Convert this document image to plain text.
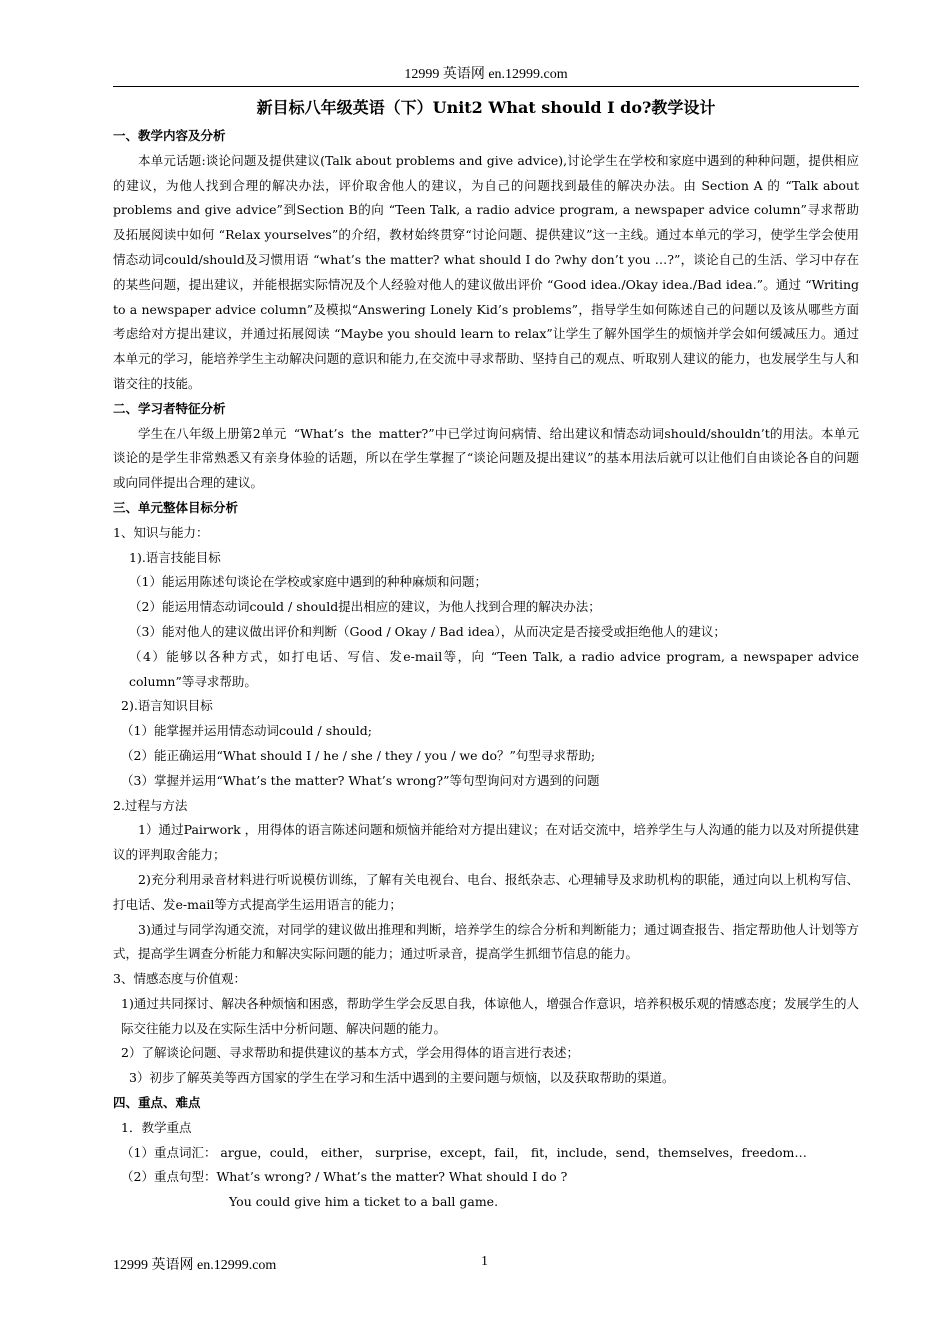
12999 英语网 en.12999.com
新目标八年级英语（下）Unit2 What should I do?教学设计
一、教学内容及分析

本单元话题:谈论问题及提供建议(Talk about problems and give advice),讨论学生在学校和家庭中遇到的种种问题，提供相应的建议，为他人找到合理的解决办法，评价取舍他人的建议，为自己的问题找到最佳的解决办法。由 Section A 的 “Talk about problems and give advice”到Section B的向 “Teen Talk, a radio advice program, a newspaper advice column”寻求帮助及拓展阅读中如何 “Relax yourselves”的介绍，教材始终贯穿“讨论问题、提供建议”这一主线。通过本单元的学习，使学生学会使用情态动词could/should及习惯用语 “what’s the matter? what should I do ?why don’t you …?”，谈论自己的生活、学习中存在的某些问题，提出建议，并能根据实际情况及个人经验对他人的建议做出评价 “Good idea./Okay idea./Bad idea.”。通过 “Writing to a newspaper advice column”及模拟“Answering Lonely Kid’s problems”，指导学生如何陈述自己的问题以及该从哪些方面考虑给对方提出建议，并通过拓展阅读 “Maybe you should learn to relax”让学生了解外国学生的烦恼并学会如何缓减压力。通过本单元的学习，能培养学生主动解决问题的意识和能力,在交流中寻求帮助、坚持自己的观点、听取别人建议的能力，也发展学生与人和谐交往的技能。

二、学习者特征分析

学生在八年级上册第2单元 “What’s the matter?”中已学过询问病情、给出建议和情态动词should/shouldn’t的用法。本单元谈论的是学生非常熟悉又有亲身体验的话题，所以在学生掌握了“谈论问题及提出建议”的基本用法后就可以让他们自由谈论各自的问题或向同伴提出合理的建议。

三、单元整体目标分析

1、知识与能力：

1).语言技能目标

（1）能运用陈述句谈论在学校或家庭中遇到的种种麻烦和问题；

（2）能运用情态动词could / should提出相应的建议，为他人找到合理的解决办法；

（3）能对他人的建议做出评价和判断（Good / Okay / Bad idea），从而决定是否接受或拒绝他人的建议；

（4）能够以各种方式，如打电话、写信、发e-mail等，向 “Teen Talk, a radio advice program, a newspaper advice column”等寻求帮助。

2).语言知识目标

（1）能掌握并运用情态动词could / should;

（2）能正确运用“What should I / he / she / they / you / we do？”句型寻求帮助;

（3）掌握并运用“What’s the matter? What’s wrong?”等句型询问对方遇到的问题

2.过程与方法

1）通过Pairwork ，用得体的语言陈述问题和烦恼并能给对方提出建议；在对话交流中，培养学生与人沟通的能力以及对所提供建议的评判取舍能力；

2)充分利用录音材料进行听说模仿训练，了解有关电视台、电台、报纸杂志、心理辅导及求助机构的职能，通过向以上机构写信、打电话、发e-mail等方式提高学生运用语言的能力；

3)通过与同学沟通交流，对同学的建议做出推理和判断，培养学生的综合分析和判断能力；通过调查报告、指定帮助他人计划等方式，提高学生调查分析能力和解决实际问题的能力；通过听录音，提高学生抓细节信息的能力。

3、情感态度与价值观：

1)通过共同探讨、解决各种烦恼和困惑，帮助学生学会反思自我，体谅他人，增强合作意识，培养积极乐观的情感态度；发展学生的人际交往能力以及在实际生活中分析问题、解决问题的能力。

2）了解谈论问题、寻求帮助和提供建议的基本方式，学会用得体的语言进行表述；

3）初步了解英美等西方国家的学生在学习和生活中遇到的主要问题与烦恼，以及获取帮助的渠道。

四、重点、难点

1．教学重点

（1）重点词汇： argue，could， either， surprise，except，fail， fit，include，send，themselves，freedom…

（2）重点句型：What’s wrong? / What’s the matter? What should I do ?

You could give him a ticket to a ball game.

12999 英语网 en.12999.com	1
